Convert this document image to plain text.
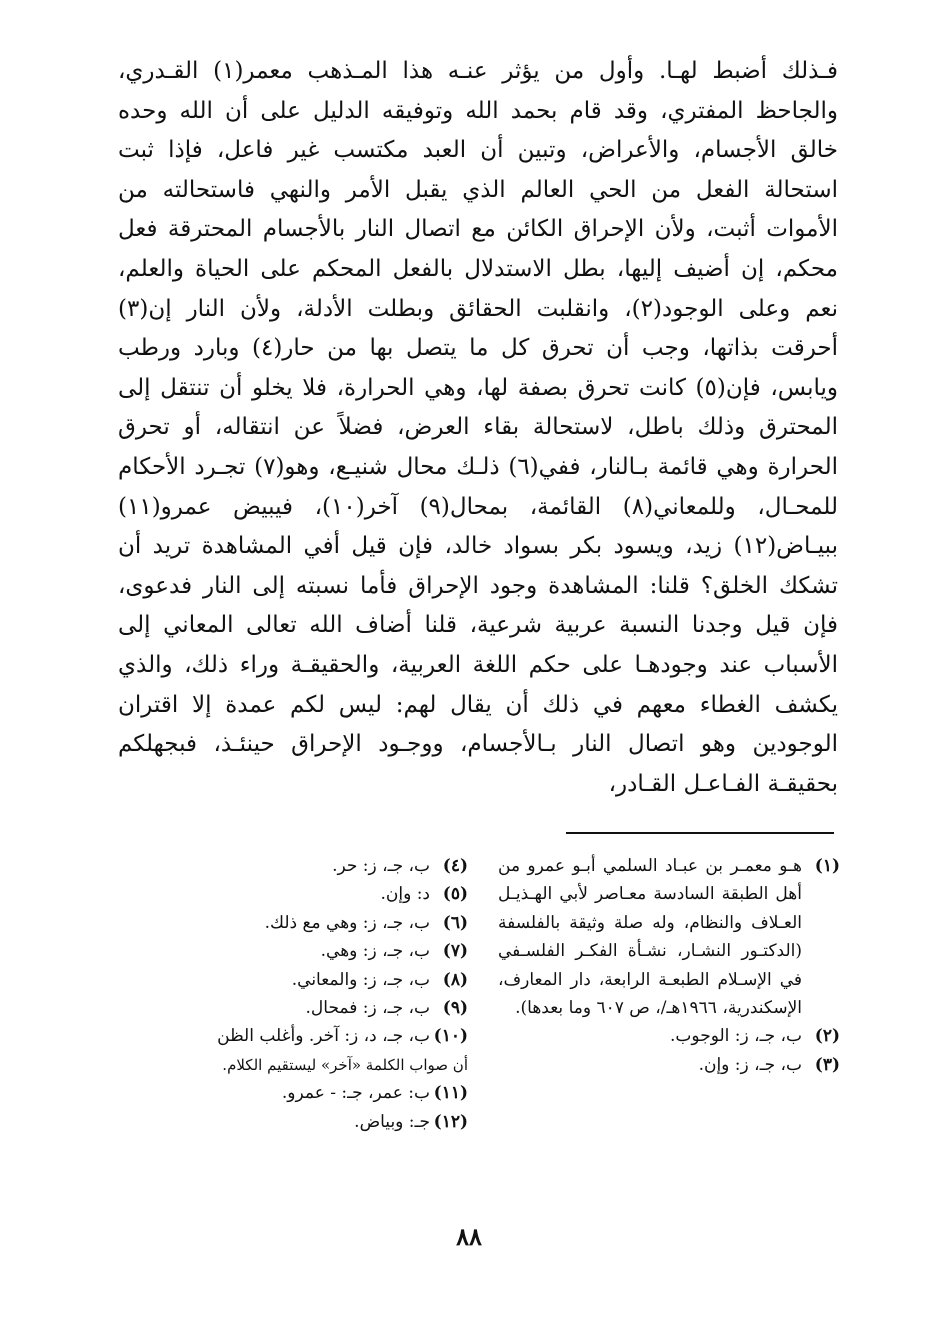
فـذلك أضبط لهـا. وأول من يؤثر عنـه هذا المـذهب معمر(١) القـدري، والجاحظ المفتري، وقد قام بحمد الله وتوفيقه الدليل على أن الله وحده خالق الأجسام، والأعراض، وتبين أن العبد مكتسب غير فاعل، فإذا ثبت استحالة الفعل من الحي العالم الذي يقبل الأمر والنهي فاستحالته من الأموات أثبت، ولأن الإحراق الكائن مع اتصال النار بالأجسام المحترقة فعل محكم، إن أضيف إليها، بطل الاستدلال بالفعل المحكم على الحياة والعلم، نعم وعلى الوجود(٢)، وانقلبت الحقائق وبطلت الأدلة، ولأن النار إن(٣) أحرقت بذاتها، وجب أن تحرق كل ما يتصل بها من حار(٤) وبارد ورطب ويابس، فإن(٥) كانت تحرق بصفة لها، وهي الحرارة، فلا يخلو أن تنتقل إلى المحترق وذلك باطل، لاستحالة بقاء العرض، فضلاً عن انتقاله، أو تحرق الحرارة وهي قائمة بـالنار، ففي(٦) ذلـك محال شنيـع، وهو(٧) تجـرد الأحكام للمحـال، وللمعاني(٨) القائمة، بمحال(٩) آخر(١٠)، فيبيض عمرو(١١) ببيـاض(١٢) زيد، ويسود بكر بسواد خالد، فإن قيل أفي المشاهدة تريد أن تشكك الخلق؟ قلنا: المشاهدة وجود الإحراق فأما نسبته إلى النار فدعوى، فإن قيل وجدنا النسبة عربية شرعية، قلنا أضاف الله تعالى المعاني إلى الأسباب عند وجودهـا على حكم اللغة العربية، والحقيقـة وراء ذلك، والذي يكشف الغطاء معهم في ذلك أن يقال لهم: ليس لكم عمدة إلا اقتران الوجودين وهو اتصال النار بـالأجسام، ووجـود الإحراق حينئـذ، فبجهلكم بحقيقـة الفـاعـل القـادر،

(١)
هـو معمـر بن عبـاد السلمي أبـو عمرو من أهل الطبقة السادسة معـاصر لأبي الهـذيـل العـلاف والنظام، وله صلة وثيقة بالفلسفة (الدكتـور النشـار، نشـأة الفكـر الفلسـفي في الإسـلام الطبعـة الرابعة، دار المعارف، الإسكندرية، ١٩٦٦هـ/، ص ٦٠٧ وما بعدها).
(٢)
ب، جـ، ز: الوجوب.
(٣)
ب، جـ، ز: وإن.
(٤)
ب، جـ، ز: حر.
(٥)
د: وإن.
(٦)
ب، جـ، ز: وهي مع ذلك.
(٧)
ب، جـ، ز: وهي.
(٨)
ب، جـ، ز: والمعاني.
(٩)
ب، جـ، ز: فمحال.
(١٠)
ب، جـ، د، ز: آخر. وأغلب الظن
أن صواب الكلمة «آخر» ليستقيم الكلام.
(١١)
ب: عمر، جـ: - عمرو.
(١٢)
جـ: وبياض.
٨٨
